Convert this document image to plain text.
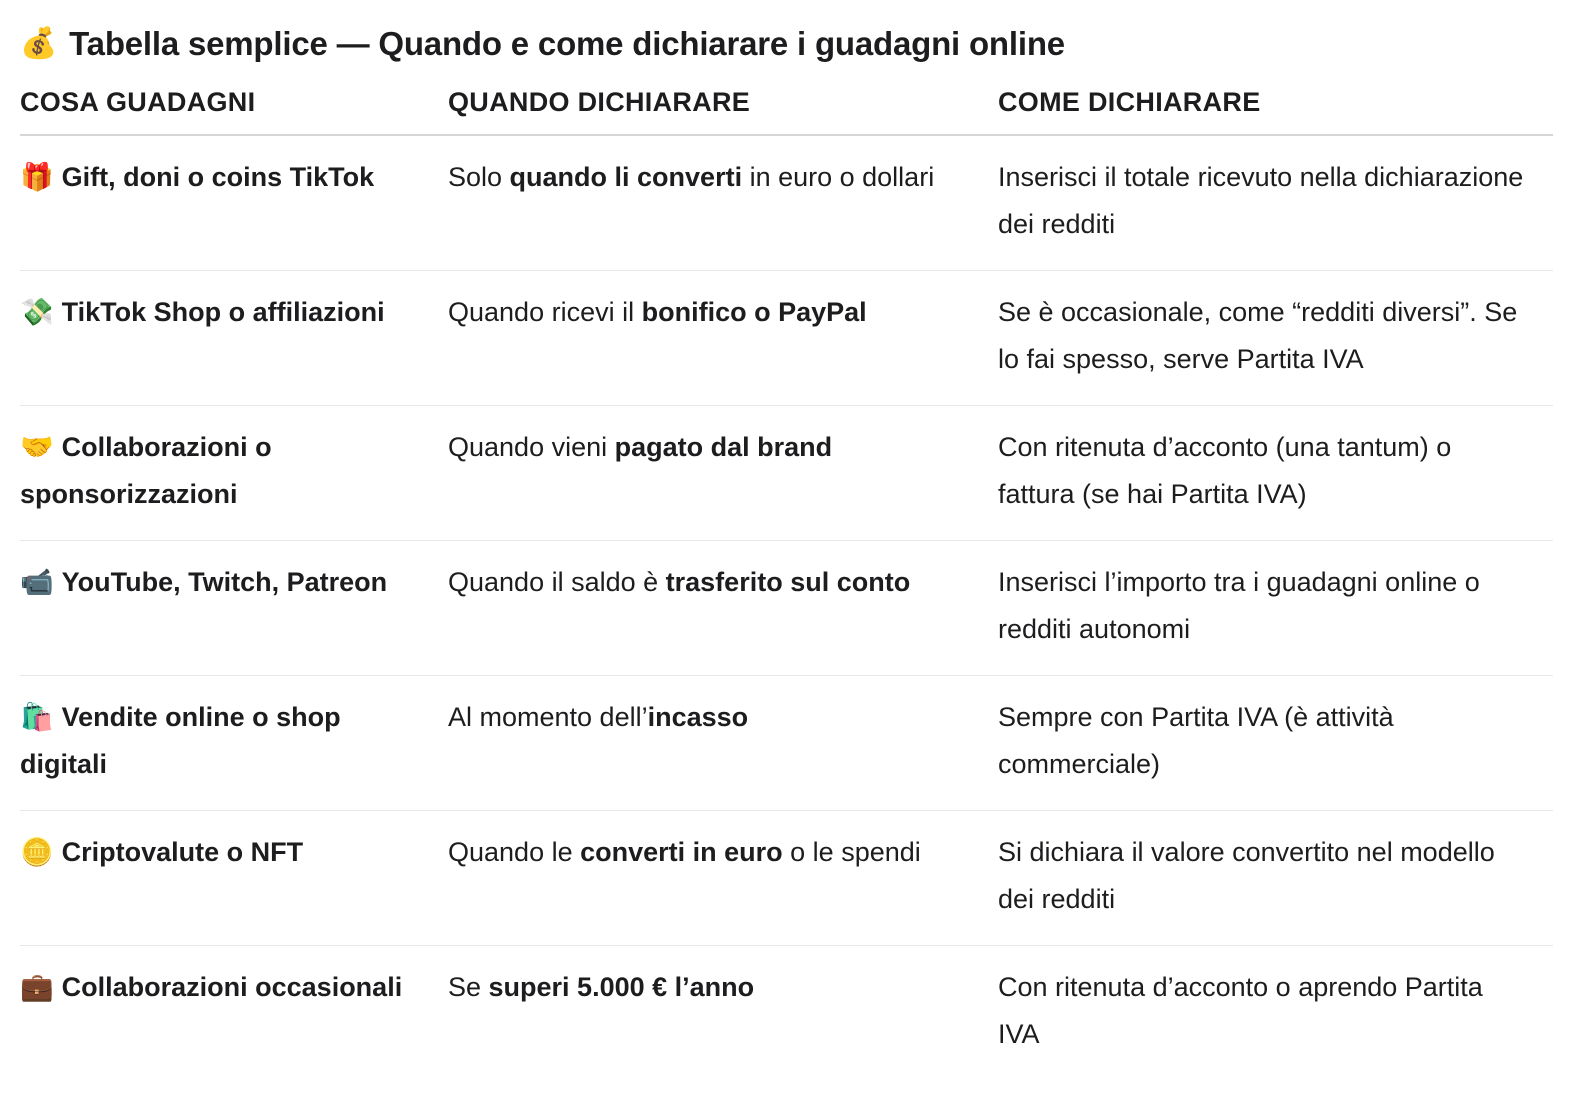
💰 Tabella semplice — Quando e come dichiarare i guadagni online
COSA GUADAGNI	QUANDO DICHIARARE	COME DICHIARARE
🎁 Gift, doni o coins TikTok	Solo quando li converti in euro o dollari	Inserisci il totale ricevuto nella dichiarazione dei redditi
💸 TikTok Shop o affiliazioni	Quando ricevi il bonifico o PayPal	Se è occasionale, come “redditi diversi”. Se lo fai spesso, serve Partita IVA
🤝 Collaborazioni o sponsorizzazioni	Quando vieni pagato dal brand	Con ritenuta d’acconto (una tantum) o fattura (se hai Partita IVA)
📹 YouTube, Twitch, Patreon	Quando il saldo è trasferito sul conto	Inserisci l’importo tra i guadagni online o redditi autonomi
🛍️ Vendite online o shop digitali	Al momento dell’incasso	Sempre con Partita IVA (è attività commerciale)
🪙 Criptovalute o NFT	Quando le converti in euro o le spendi	Si dichiara il valore convertito nel modello dei redditi
💼 Collaborazioni occasionali	Se superi 5.000 € l’anno	Con ritenuta d’acconto o aprendo Partita IVA
